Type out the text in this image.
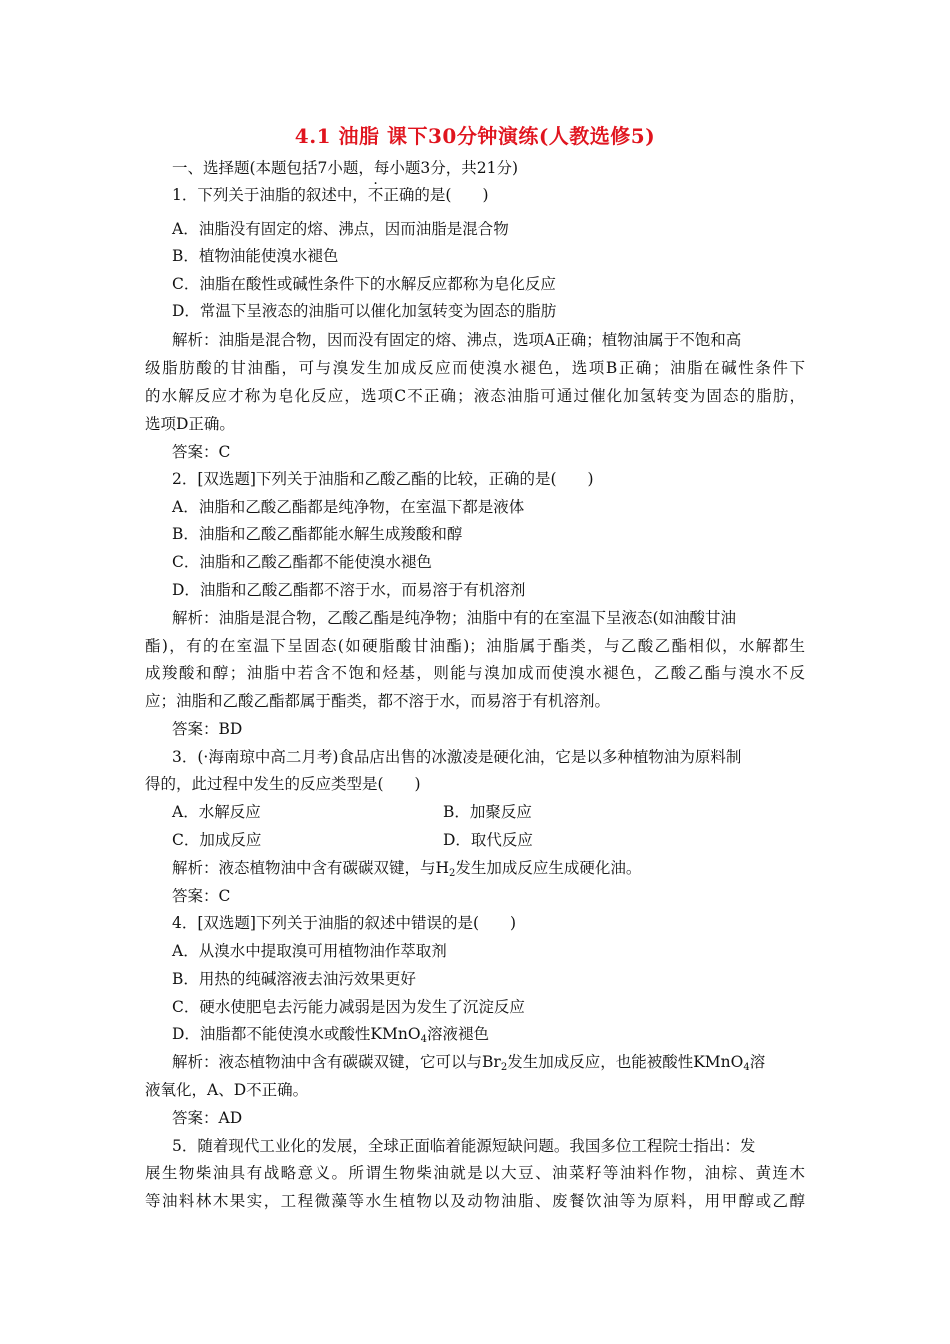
4.1 油脂 课下30分钟演练(人教选修5)
一、选择题(本题包括7小题，每小题3分，共21分)
1．下列关于油脂的叙述中，不正确的是(　　)
A．油脂没有固定的熔、沸点，因而油脂是混合物
B．植物油能使溴水褪色
C．油脂在酸性或碱性条件下的水解反应都称为皂化反应
D．常温下呈液态的油脂可以催化加氢转变为固态的脂肪
解析：油脂是混合物，因而没有固定的熔、沸点，选项A正确；植物油属于不饱和高
级脂肪酸的甘油酯，可与溴发生加成反应而使溴水褪色，选项B正确；油脂在碱性条件下
的水解反应才称为皂化反应，选项C不正确；液态油脂可通过催化加氢转变为固态的脂肪，
选项D正确。
答案：C
2．[双选题]下列关于油脂和乙酸乙酯的比较，正确的是(　　)
A．油脂和乙酸乙酯都是纯净物，在室温下都是液体
B．油脂和乙酸乙酯都能水解生成羧酸和醇
C．油脂和乙酸乙酯都不能使溴水褪色
D．油脂和乙酸乙酯都不溶于水，而易溶于有机溶剂
解析：油脂是混合物，乙酸乙酯是纯净物；油脂中有的在室温下呈液态(如油酸甘油
酯)，有的在室温下呈固态(如硬脂酸甘油酯)；油脂属于酯类，与乙酸乙酯相似，水解都生
成羧酸和醇；油脂中若含不饱和烃基，则能与溴加成而使溴水褪色，乙酸乙酯与溴水不反
应；油脂和乙酸乙酯都属于酯类，都不溶于水，而易溶于有机溶剂。
答案：BD
3．(·海南琼中高二月考)食品店出售的冰激凌是硬化油，它是以多种植物油为原料制
得的，此过程中发生的反应类型是(　　)
A．水解反应	B．加聚反应
C．加成反应	D．取代反应
解析：液态植物油中含有碳碳双键，与$H_2$发生加成反应生成硬化油。
答案：C
4．[双选题]下列关于油脂的叙述中错误的是(　　)
A．从溴水中提取溴可用植物油作萃取剂
B．用热的纯碱溶液去油污效果更好
C．硬水使肥皂去污能力减弱是因为发生了沉淀反应
D．油脂都不能使溴水或酸性KMnO$_4$溶液褪色
解析：液态植物油中含有碳碳双键，它可以与$Br_2$发生加成反应，也能被酸性KMnO$_4$溶
液氧化，A、D不正确。
答案：AD
5．随着现代工业化的发展，全球正面临着能源短缺问题。我国多位工程院士指出：发
展生物柴油具有战略意义。所谓生物柴油就是以大豆、油菜籽等油料作物，油棕、黄连木
等油料林木果实，工程微藻等水生植物以及动物油脂、废餐饮油等为原料，用甲醇或乙醇
